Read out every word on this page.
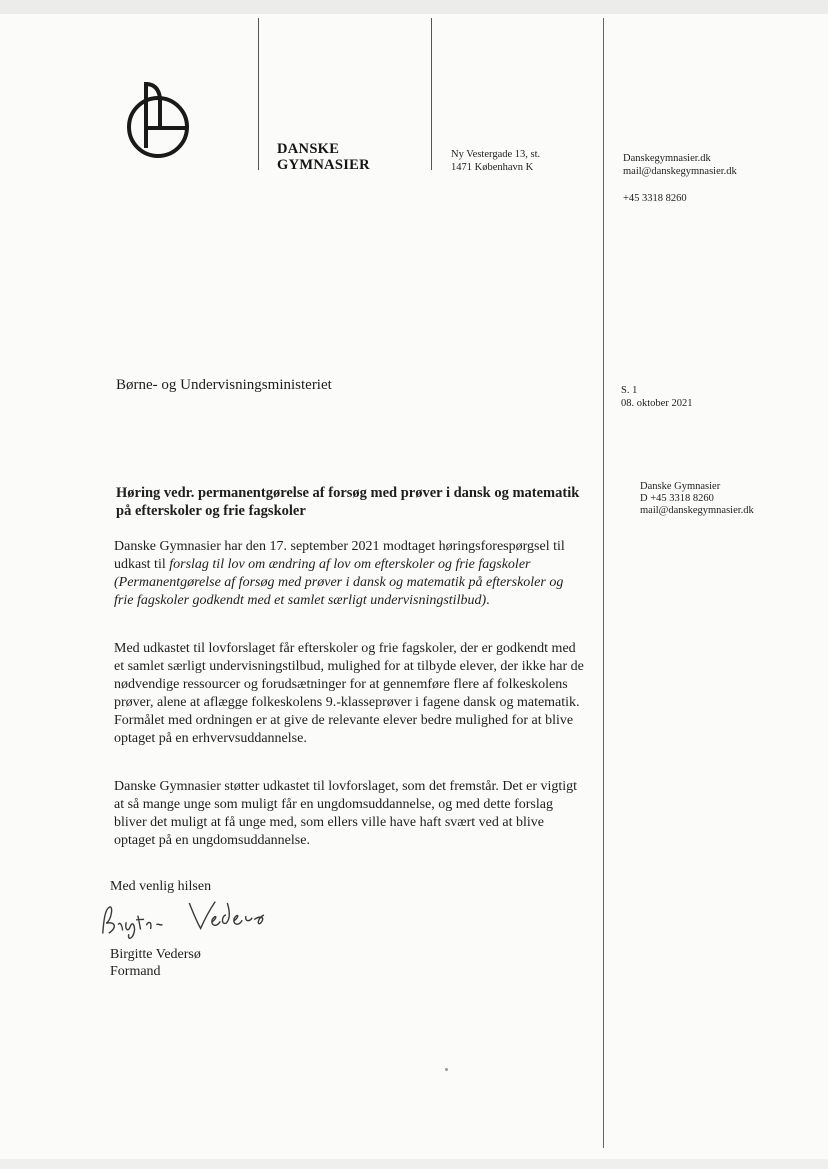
DANSKE
GYMNASIER
Ny Vestergade 13, st.
1471 København K
Danskegymnasier.dk
mail@danskegymnasier.dk
+45 3318 8260
Børne- og Undervisningsministeriet	S. 1
08. oktober 2021
Danske Gymnasier
D +45 3318 8260
mail@danskegymnasier.dk
Høring vedr. permanentgørelse af forsøg med prøver i dansk og matematik på efterskoler og frie fagskoler

Danske Gymnasier har den 17. september 2021 modtaget høringsforespørgsel til udkast til forslag til lov om ændring af lov om efterskoler og frie fagskoler (Permanentgørelse af forsøg med prøver i dansk og matematik på efterskoler og frie fagskoler godkendt med et samlet særligt undervisningstilbud).

Med udkastet til lovforslaget får efterskoler og frie fagskoler, der er godkendt med et samlet særligt undervisningstilbud, mulighed for at tilbyde elever, der ikke har de nødvendige ressourcer og forudsætninger for at gennemføre flere af folkeskolens prøver, alene at aflægge folkeskolens 9.-klasseprøver i fagene dansk og matematik. Formålet med ordningen er at give de relevante elever bedre mulighed for at blive optaget på en erhvervsuddannelse.

Danske Gymnasier støtter udkastet til lovforslaget, som det fremstår. Det er vigtigt at så mange unge som muligt får en ungdomsuddannelse, og med dette forslag bliver det muligt at få unge med, som ellers ville have haft svært ved at blive optaget på en ungdomsuddannelse.

Med venlig hilsen
Birgitte Vedersø
Formand
